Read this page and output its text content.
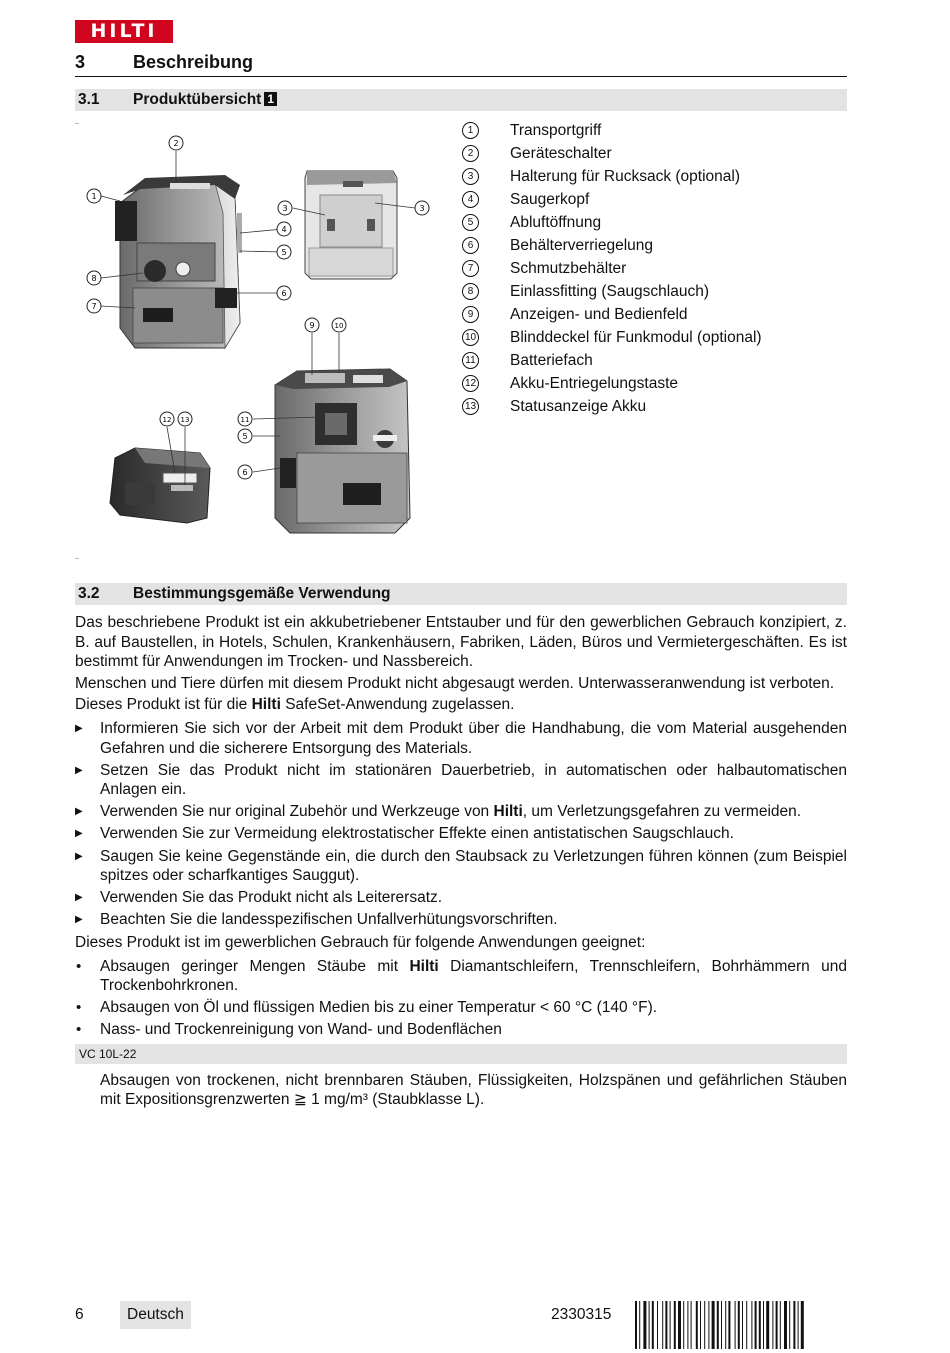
HILTI
3	Beschreibung
3.1 Produktübersicht 1
2
1
3	3
4
5
6
7
8
9	10
11
5
6
12 13
1	Transportgriff
2	Geräteschalter
3	Halterung für Rucksack (optional)
4	Saugerkopf
5	Abluftöffnung
6	Behälterverriegelung
7	Schmutzbehälter
8	Einlassfitting (Saugschlauch)
9	Anzeigen- und Bedienfeld
10 Blinddeckel für Funkmodul (optional)
11 Batteriefach
12 Akku-Entriegelungstaste
13 Statusanzeige Akku
3.2 Bestimmungsgemäße Verwendung

Das beschriebene Produkt ist ein akkubetriebener Entstauber und für den gewerblichen Gebrauch konzipiert, z. B. auf Baustellen, in Hotels, Schulen, Krankenhäusern, Fabriken, Läden, Büros und Vermietergeschäften. Es ist bestimmt für Anwendungen im Trocken- und Nassbereich.

Menschen und Tiere dürfen mit diesem Produkt nicht abgesaugt werden. Unterwasseranwendung ist verboten.

Dieses Produkt ist für die Hilti SafeSet-Anwendung zugelassen.

▶ Informieren Sie sich vor der Arbeit mit dem Produkt über die Handhabung, die vom Material ausgehenden Gefahren und die sicherere Entsorgung des Materials.
▶ Setzen Sie das Produkt nicht im stationären Dauerbetrieb, in automatischen oder halbautomatischen Anlagen ein.
▶ Verwenden Sie nur original Zubehör und Werkzeuge von Hilti, um Verletzungsgefahren zu vermeiden.
▶ Verwenden Sie zur Vermeidung elektrostatischer Effekte einen antistatischen Saugschlauch.
▶ Saugen Sie keine Gegenstände ein, die durch den Staubsack zu Verletzungen führen können (zum Beispiel spitzes oder scharfkantiges Sauggut).
▶ Verwenden Sie das Produkt nicht als Leiterersatz.
▶ Beachten Sie die landesspezifischen Unfallverhütungsvorschriften.

Dieses Produkt ist im gewerblichen Gebrauch für folgende Anwendungen geeignet:

• Absaugen geringer Mengen Stäube mit Hilti Diamantschleifern, Trennschleifern, Bohrhämmern und Trockenbohrkronen.
• Absaugen von Öl und flüssigen Medien bis zu einer Temperatur < 60 °C (140 °F).
• Nass- und Trockenreinigung von Wand- und Bodenflächen
VC 10L-22

Absaugen von trockenen, nicht brennbaren Stäuben, Flüssigkeiten, Holzspänen und gefährlichen Stäuben mit Expositionsgrenzwerten ≧ 1 mg/m³ (Staubklasse L).

6	Deutsch	2330315
